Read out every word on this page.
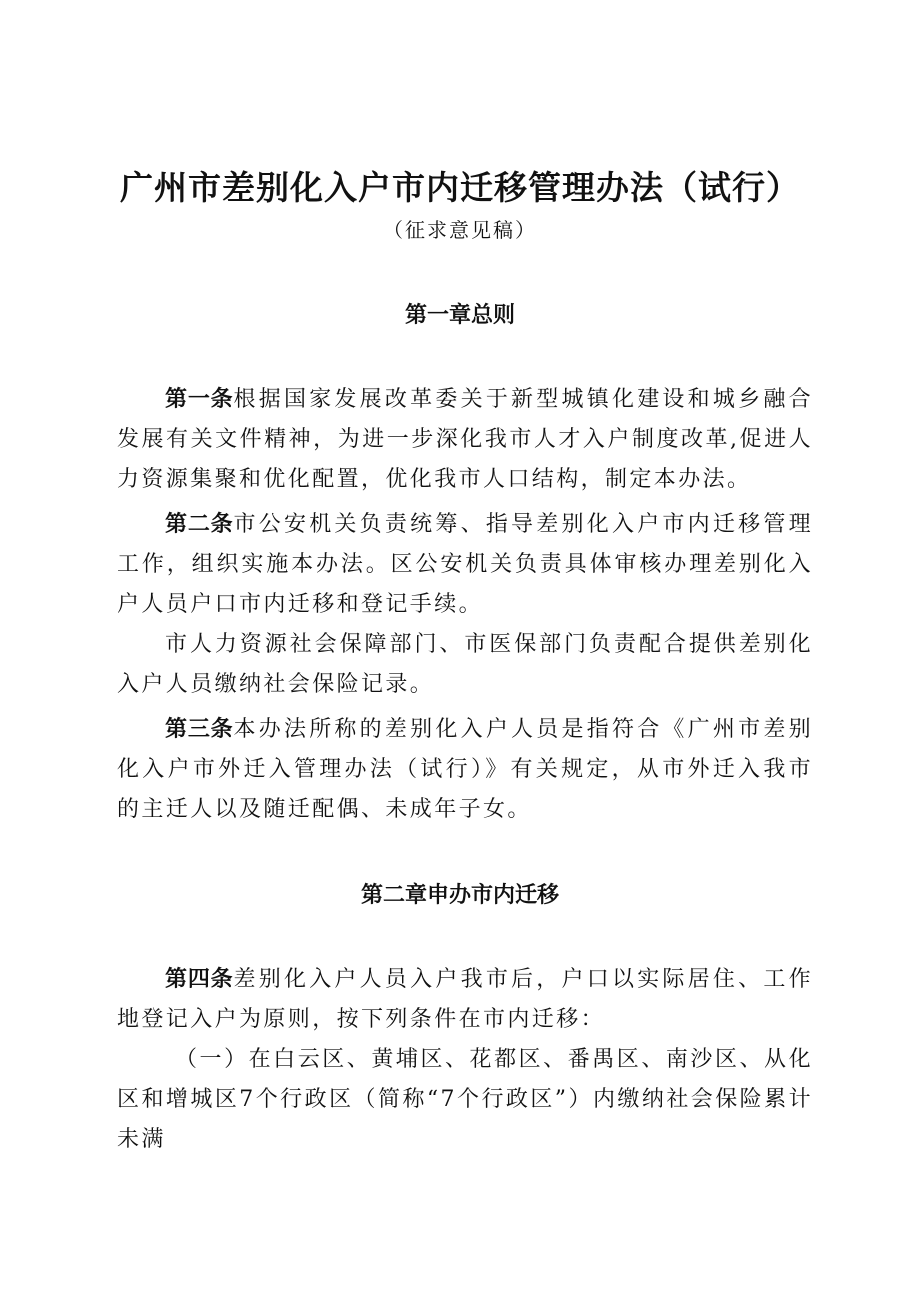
广州市差别化入户市内迁移管理办法（试行）

（征求意见稿）

第一章总则

第一条根据国家发展改革委关于新型城镇化建设和城乡融合发展有关文件精神，为进一步深化我市人才入户制度改革,促进人力资源集聚和优化配置，优化我市人口结构，制定本办法。

第二条市公安机关负责统筹、指导差别化入户市内迁移管理工作，组织实施本办法。区公安机关负责具体审核办理差别化入户人员户口市内迁移和登记手续。

市人力资源社会保障部门、市医保部门负责配合提供差别化入户人员缴纳社会保险记录。

第三条本办法所称的差别化入户人员是指符合《广州市差别化入户市外迁入管理办法（试行）》有关规定，从市外迁入我市的主迁人以及随迁配偶、未成年子女。

第二章申办市内迁移

第四条差别化入户人员入户我市后，户口以实际居住、工作地登记入户为原则，按下列条件在市内迁移：

（一）在白云区、黄埔区、花都区、番禺区、南沙区、从化区和增城区7个行政区（简称“7个行政区”）内缴纳社会保险累计未满
